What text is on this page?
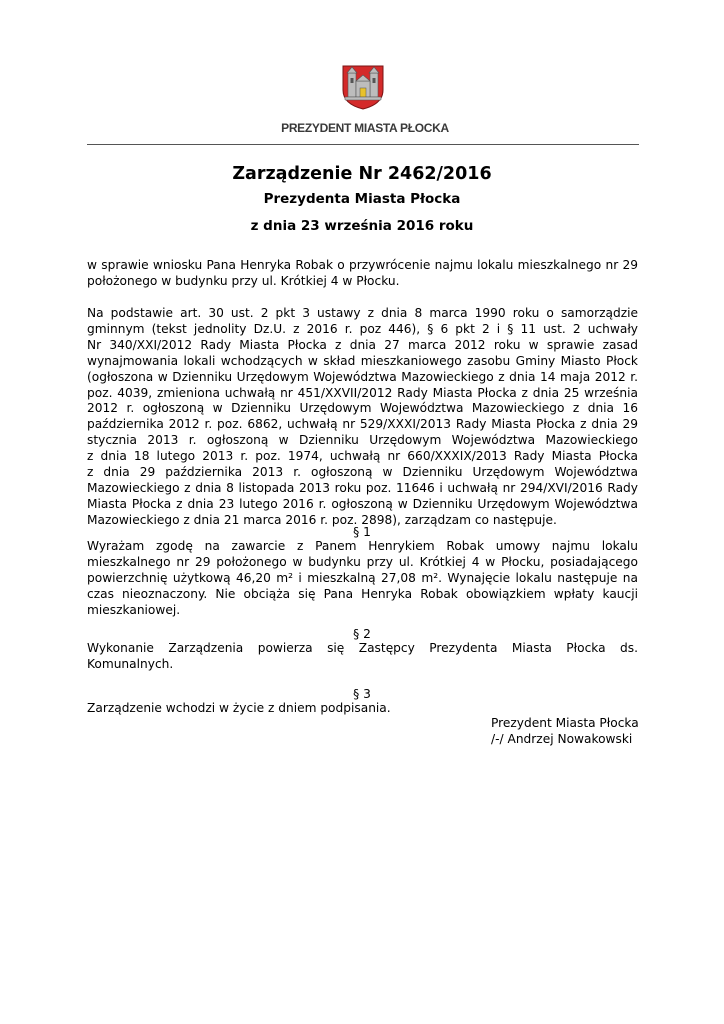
PREZYDENT MIASTA PŁOCKA
Zarządzenie Nr 2462/2016
Prezydenta Miasta Płocka
z dnia 23 września 2016 roku
w sprawie wniosku Pana Henryka Robak o przywrócenie najmu lokalu mieszkalnego nr 29
położonego w budynku przy ul. Krótkiej 4 w Płocku.
Na podstawie art. 30 ust. 2 pkt 3 ustawy z dnia 8 marca 1990 roku o samorządzie
gminnym (tekst jednolity Dz.U. z 2016 r. poz 446), § 6 pkt 2 i § 11 ust. 2 uchwały
Nr 340/XXI/2012 Rady Miasta Płocka z dnia 27 marca 2012 roku w sprawie zasad
wynajmowania lokali wchodzących w skład mieszkaniowego zasobu Gminy Miasto Płock
(ogłoszona w Dzienniku Urzędowym Województwa Mazowieckiego z dnia 14 maja 2012 r.
poz. 4039, zmieniona uchwałą nr 451/XXVII/2012 Rady Miasta Płocka z dnia 25 września
2012 r. ogłoszoną w Dzienniku Urzędowym Województwa Mazowieckiego z dnia 16
października 2012 r. poz. 6862, uchwałą nr 529/XXXI/2013 Rady Miasta Płocka z dnia 29
stycznia 2013 r. ogłoszoną w Dzienniku Urzędowym Województwa Mazowieckiego
z dnia 18 lutego 2013 r. poz. 1974, uchwałą nr 660/XXXIX/2013 Rady Miasta Płocka
z dnia 29 października 2013 r. ogłoszoną w Dzienniku Urzędowym Województwa
Mazowieckiego z dnia 8 listopada 2013 roku poz. 11646 i uchwałą nr 294/XVI/2016 Rady
Miasta Płocka z dnia 23 lutego 2016 r. ogłoszoną w Dzienniku Urzędowym Województwa
Mazowieckiego z dnia 21 marca 2016 r. poz. 2898), zarządzam co następuje.
§ 1
Wyrażam zgodę na zawarcie z Panem Henrykiem Robak umowy najmu lokalu
mieszkalnego nr 29 położonego w budynku przy ul. Krótkiej 4 w Płocku, posiadającego
powierzchnię użytkową 46,20 m² i mieszkalną 27,08 m². Wynajęcie lokalu następuje na
czas nieoznaczony. Nie obciąża się Pana Henryka Robak obowiązkiem wpłaty kaucji
mieszkaniowej.
§ 2
Wykonanie Zarządzenia powierza się Zastępcy Prezydenta Miasta Płocka ds.
Komunalnych.
§ 3
Zarządzenie wchodzi w życie z dniem podpisania.
Prezydent Miasta Płocka
/-/ Andrzej Nowakowski
